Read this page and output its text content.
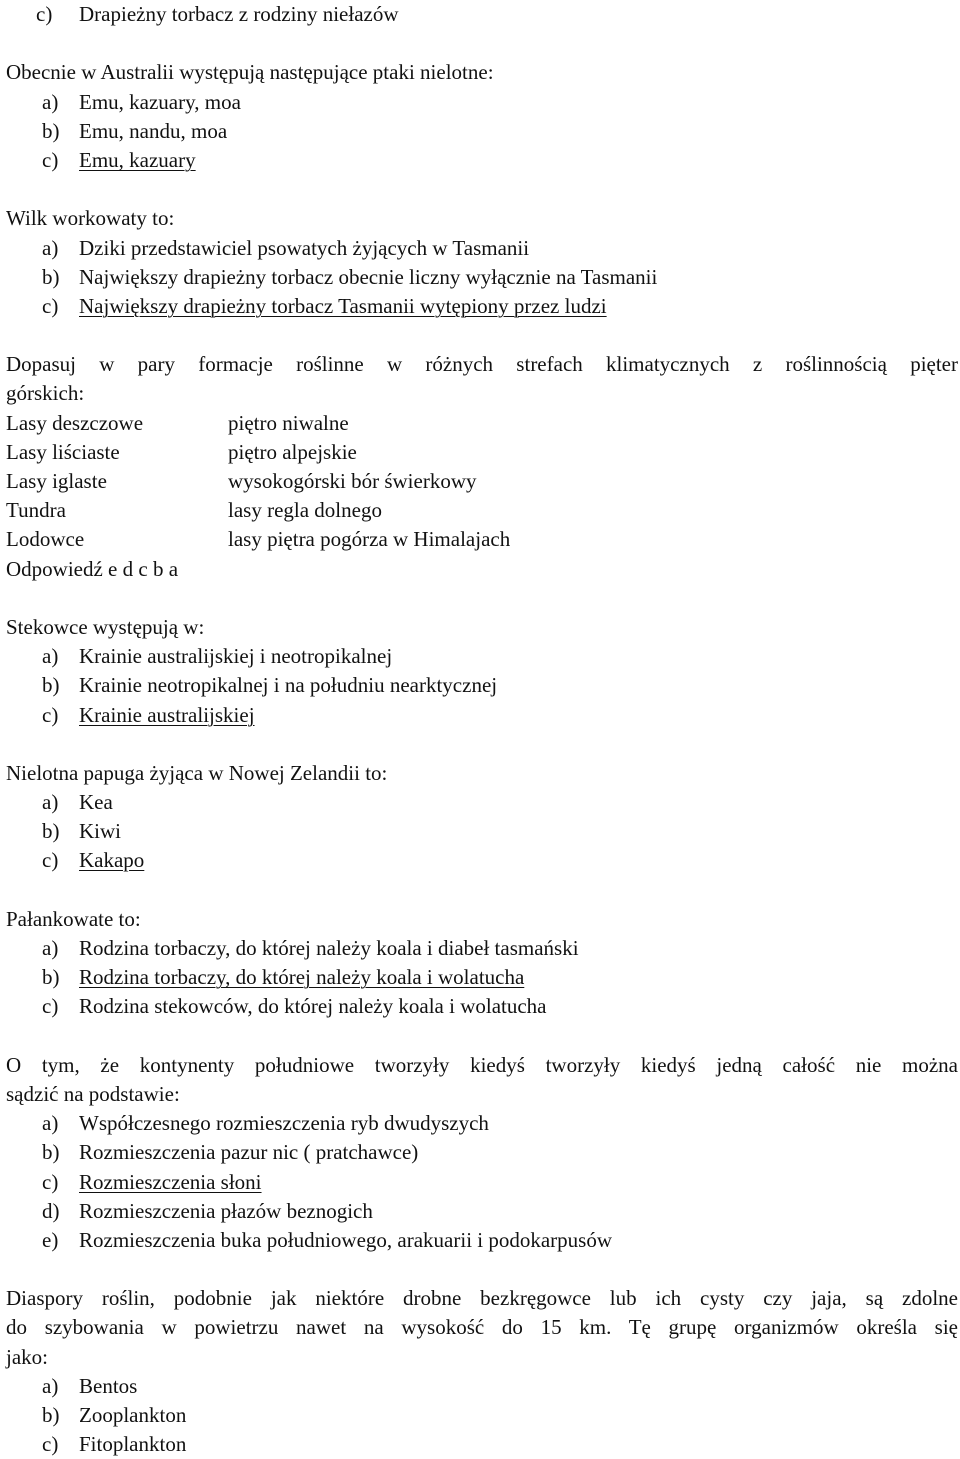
c) Drapieżny torbacz z rodziny niełazów
Obecnie w Australii występują następujące ptaki nielotne:
a) Emu, kazuary, moa
b) Emu, nandu, moa
c) Emu, kazuary
Wilk workowaty to:
a) Dziki przedstawiciel psowatych żyjących w Tasmanii
b) Największy drapieżny torbacz obecnie liczny wyłącznie na Tasmanii
c) Największy drapieżny torbacz Tasmanii wytępiony przez ludzi
Dopasuj w pary formacje roślinne w różnych strefach klimatycznych z roślinnością pięter
górskich:
Lasy deszczowe	piętro niwalne
Lasy liściaste	piętro alpejskie
Lasy iglaste	wysokogórski bór świerkowy
Tundra	lasy regla dolnego
Lodowce	lasy piętra pogórza w Himalajach
Odpowiedź e d c b a
Stekowce występują w:
a) Krainie australijskiej i neotropikalnej
b) Krainie neotropikalnej i na południu nearktycznej
c) Krainie australijskiej
Nielotna papuga żyjąca w Nowej Zelandii to:
a) Kea
b) Kiwi
c) Kakapo
Pałankowate to:
a) Rodzina torbaczy, do której należy koala i diabeł tasmański
b) Rodzina torbaczy, do której należy koala i wolatucha
c) Rodzina stekowców, do której należy koala i wolatucha
O tym, że kontynenty południowe tworzyły kiedyś tworzyły kiedyś jedną całość nie można
sądzić na podstawie:
a) Współczesnego rozmieszczenia ryb dwudyszych
b) Rozmieszczenia pazur nic ( pratchawce)
c) Rozmieszczenia słoni
d) Rozmieszczenia płazów beznogich
e) Rozmieszczenia buka południowego, arakuarii i podokarpusów
Diaspory roślin, podobnie jak niektóre drobne bezkręgowce lub ich cysty czy jaja, są zdolne
do szybowania w powietrzu nawet na wysokość do 15 km. Tę grupę organizmów określa się
jako:
a) Bentos
b) Zooplankton
c) Fitoplankton
